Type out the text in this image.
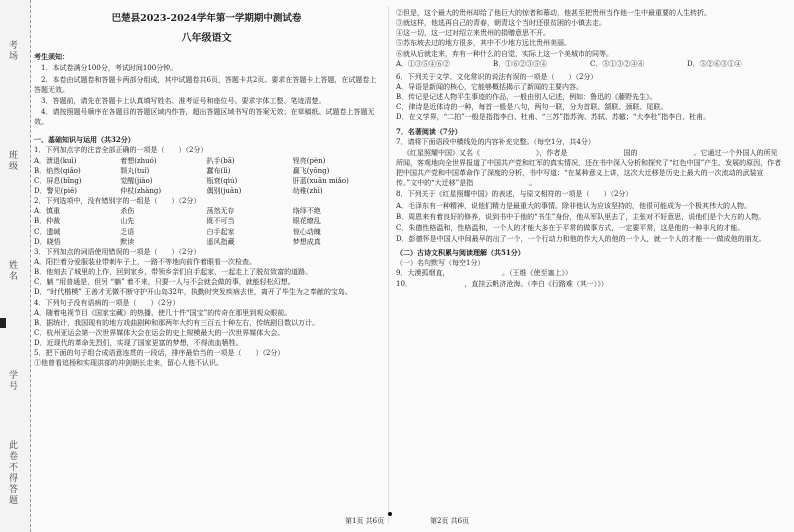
考场
班级
姓名
学号
此卷不得答题
巴楚县2023-2024学年第一学期期中测试卷
八年级语文
考生须知：
1．本试卷满分100分，考试时间100分钟。
2．本卷由试题卷和答题卡两部分组成，其中试题卷共6页，答题卡共2页。要求在答题卡上答题，在试题卷上答题无效。
3．答题前，请先在答题卡上认真填写姓名、准考证号和座位号。要求字体工整、笔迹清楚。
4．请按照题号顺序在各题目的答题区域内作答，超出答题区域书写的答案无效；在草稿纸、试题卷上答题无效。
一、基础知识与运用（共32分）
1．下列加点字的注音全部正确的一项是（　　）（2分）
A．溃退(kuì)	着想(zhuó)	扒手(bā)	锃亮(pèn)
B．焰然(qiǎo)	颓丸(tuí)	蠢布(lì)	赢飞(yōng)
C．屏息(bǐng)	觉醒(jiào)	瓶衰(qiú)	肝蓝(xuān miǎo)
D．警见(piē)	仲杖(zhàng)	偶别(juān)	幼稚(zhì)
2．下列选项中，没有错别字的一组是（　　）（2分）
A．慎重	杀伤	荡然无存	络绎不绝
B．仲裁	山先	既不可当	眼花缭乱
C．遗缄	乏语	白手起家	惊心动魄
D．晓悟	默读	遥风指藏	梦想成真
3．下列加点的词语使用错误的一项是（　　）（2分）
A．阳拦着分爱服装业带刺车子上，一路不等地向前作着眼看一次检查。
B．他刻去了城里的上作，回到家乡，带领乡亲们自手起家，一起走上了脱贫致富的道路。
C．躺 “用普通是，但另 “躺” 着不来，只要一人与不会就会做的事，就能轻松幻想。
D．“时代楷模” 王善才无微不断守护开山岛32年，执勤时突发疾病去世，离开了毕生为之奉献的宝岛。
4．下列句子没有语病的一项是（　　）（2分）
A．随着电视节目《国家宝藏》的热播，使几十件“国宝”的传奇在那里到观众眼前。
B．据统计，我国现有的地方戏曲剧种和那两年大约有三百五十种左右，传统剧目数以万计。
C．杭州亚运会第一次世界媒体大会在运会的史上规模最大的一次世界媒体大会。
D．近现代的革命先烈们，实现了国家更富的梦想，不得流血牺牲。
5．把下面的句子组合成语意连贯的一段话，排序最恰当的一项是（　　）（2分）
①他曾看追杨和实现洪部的冲剑朝长走来，留心人他不认识。
②但是，这个最大的贵州却给了他巨大的惊者和幕动，他甚至把贵州当作他一生中最重要的人生转折。
③就这样，他选再自己的青春，朝青这个当时还很贫困的小镇去走。
④这一切，这一过对绍立来贵州的捐赠意思不开。
⑤苏东坡去过的地方很多，其中不少地方远比贵州美丽。
⑥就从后就走来，弃有一种什么的自觉，实际上这一个美城市的同等。
A．①③⑤④⑥②	B．①⑥②③⑤④	C．⑤①③②④⑥	D．⑤②⑥③①④
6．下列关于文学、文化常识的说法有误的一项是（　　）（2分）
A．导语是新闻的核心，它能够概括揭示了新闻的主要内容。
B．传记是记述人物平生事迹的作品，一般由别人记述，例如：鲁迅的《藤野先生》。
C．律诗是近体诗的一种，每首一般是八句，两句一联，分为首联、颔联、颈联、尾联。
D．在文学界，“二拍”一般是指指李白、杜甫、“三苏”指苏洵、苏轼、苏辙；“大李杜”指李白、杜甫。
7．名著阅读（7分）
7．请将下面语段中横线处的内容补充完整。（每空1分，共4分）
《红星照耀中国》又名《　　　　　　　　》，作者是　　　　　　　　国的　　　　　　　　。它通过一个外国人的所见所闻，客观地向全世界报道了中国共产党和红军的真实情况，还在书中深入分析和探究了“红色中国”产生、发展的原因，作者把中国共产党和中国革命作了深度的分析，书中写道：“在某种意义上讲，这次大迁移是历史上最大的一次流动的武装宣传。”文中的“大迁移”是指　　　　　　　　。
8．下列关于《红星照耀中国》的表述，与原文相符的一项是（　　）（2分）
A．毛泽东有一种精神，说他们精力是最重大的事情。除非他认为应该坚持的，他很可能成为一个极其伟大的人物。
B．周恩来有着良好的修养，说到书中于他的“书生”身份，他从军队里去了，主张对不好意思，说他们是个大方的人物。
C．朱德性格温和，性格温和，一个人的才能大多在于平常的做事方式，一定要平常，这是他的一种非凡的才能。
D．彭德怀是中国人中间最早的出了一个，一个行动力和他的作大人的他的一个人，就一个人的才能一一做成他的朋友。
（二）古诗文积累与阅读理解（共51分）
（一）名句默写（每空1分）
9．大漠孤烟直，　　　　　　　　。（王维《使至塞上》）
10．　　　　　　　　，直挂云帆济沧海。（李白《行路难（其一）》）
第1页 共6页	第2页 共6页
